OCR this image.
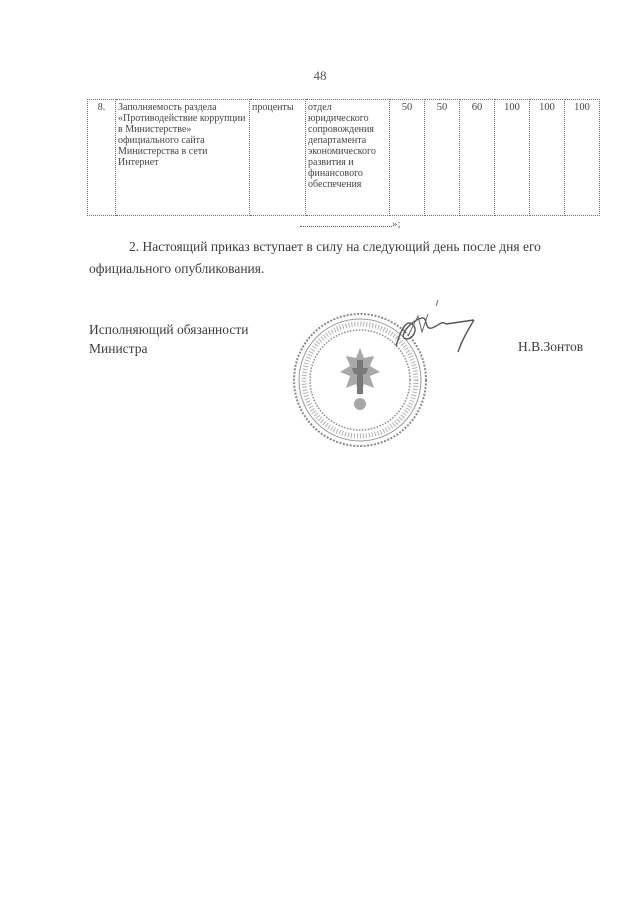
48
8.	Заполняемость раздела «Противодействие коррупции в Министерстве» официального сайта Министерства в сети Интернет	проценты	отдел юридического сопровождения департамента экономического развития и финансового обеспечения	50	50	60	100	100	100
»;
2. Настоящий приказ вступает в силу на следующий день после дня его официального опубликования.
Исполняющий обязанности
Министра	Н.В.Зонтов
